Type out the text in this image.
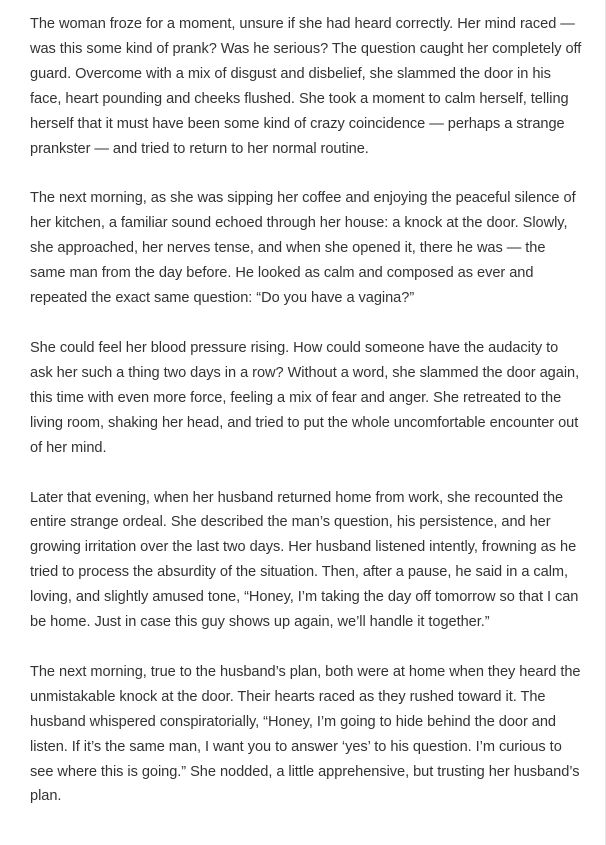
The woman froze for a moment, unsure if she had heard correctly. Her mind raced — was this some kind of prank? Was he serious? The question caught her completely off guard. Overcome with a mix of disgust and disbelief, she slammed the door in his face, heart pounding and cheeks flushed. She took a moment to calm herself, telling herself that it must have been some kind of crazy coincidence — perhaps a strange prankster — and tried to return to her normal routine.

The next morning, as she was sipping her coffee and enjoying the peaceful silence of her kitchen, a familiar sound echoed through her house: a knock at the door. Slowly, she approached, her nerves tense, and when she opened it, there he was — the same man from the day before. He looked as calm and composed as ever and repeated the exact same question: “Do you have a vagina?”

She could feel her blood pressure rising. How could someone have the audacity to ask her such a thing two days in a row? Without a word, she slammed the door again, this time with even more force, feeling a mix of fear and anger. She retreated to the living room, shaking her head, and tried to put the whole uncomfortable encounter out of her mind.

Later that evening, when her husband returned home from work, she recounted the entire strange ordeal. She described the man’s question, his persistence, and her growing irritation over the last two days. Her husband listened intently, frowning as he tried to process the absurdity of the situation. Then, after a pause, he said in a calm, loving, and slightly amused tone, “Honey, I’m taking the day off tomorrow so that I can be home. Just in case this guy shows up again, we’ll handle it together.”

The next morning, true to the husband’s plan, both were at home when they heard the unmistakable knock at the door. Their hearts raced as they rushed toward it. The husband whispered conspiratorially, “Honey, I’m going to hide behind the door and listen. If it’s the same man, I want you to answer ‘yes’ to his question. I’m curious to see where this is going.” She nodded, a little apprehensive, but trusting her husband’s plan.
